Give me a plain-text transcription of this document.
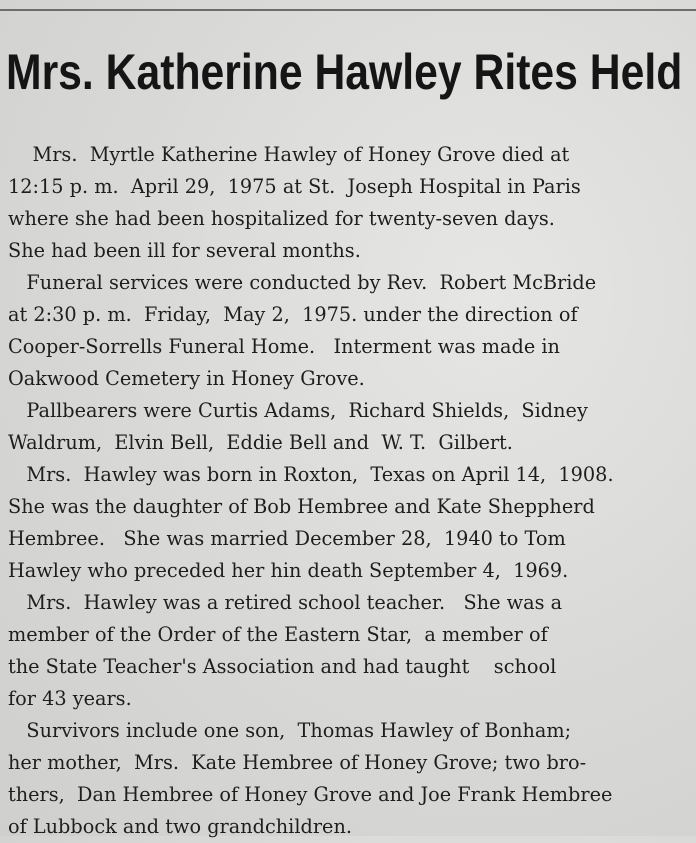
Mrs. Katherine Hawley Rites Held
Mrs.  Myrtle Katherine Hawley of Honey Grove died at
12:15 p. m.  April 29,  1975 at St.  Joseph Hospital in Paris
where she had been hospitalized for twenty-seven days.
She had been ill for several months.
Funeral services were conducted by Rev.  Robert McBride
at 2:30 p. m.  Friday,  May 2,  1975. under the direction of
Cooper-Sorrells Funeral Home.   Interment was made in
Oakwood Cemetery in Honey Grove.
Pallbearers were Curtis Adams,  Richard Shields,  Sidney
Waldrum,  Elvin Bell,  Eddie Bell and  W. T.  Gilbert.
Mrs.  Hawley was born in Roxton,  Texas on April 14,  1908.
She was the daughter of Bob Hembree and Kate Sheppherd
Hembree.   She was married December 28,  1940 to Tom
Hawley who preceded her hin death September 4,  1969.
Mrs.  Hawley was a retired school teacher.   She was a
member of the Order of the Eastern Star,  a member of
the State Teacher's Association and had taught    school
for 43 years.
Survivors include one son,  Thomas Hawley of Bonham;
her mother,  Mrs.  Kate Hembree of Honey Grove; two bro-
thers,  Dan Hembree of Honey Grove and Joe Frank Hembree
of Lubbock and two grandchildren.
